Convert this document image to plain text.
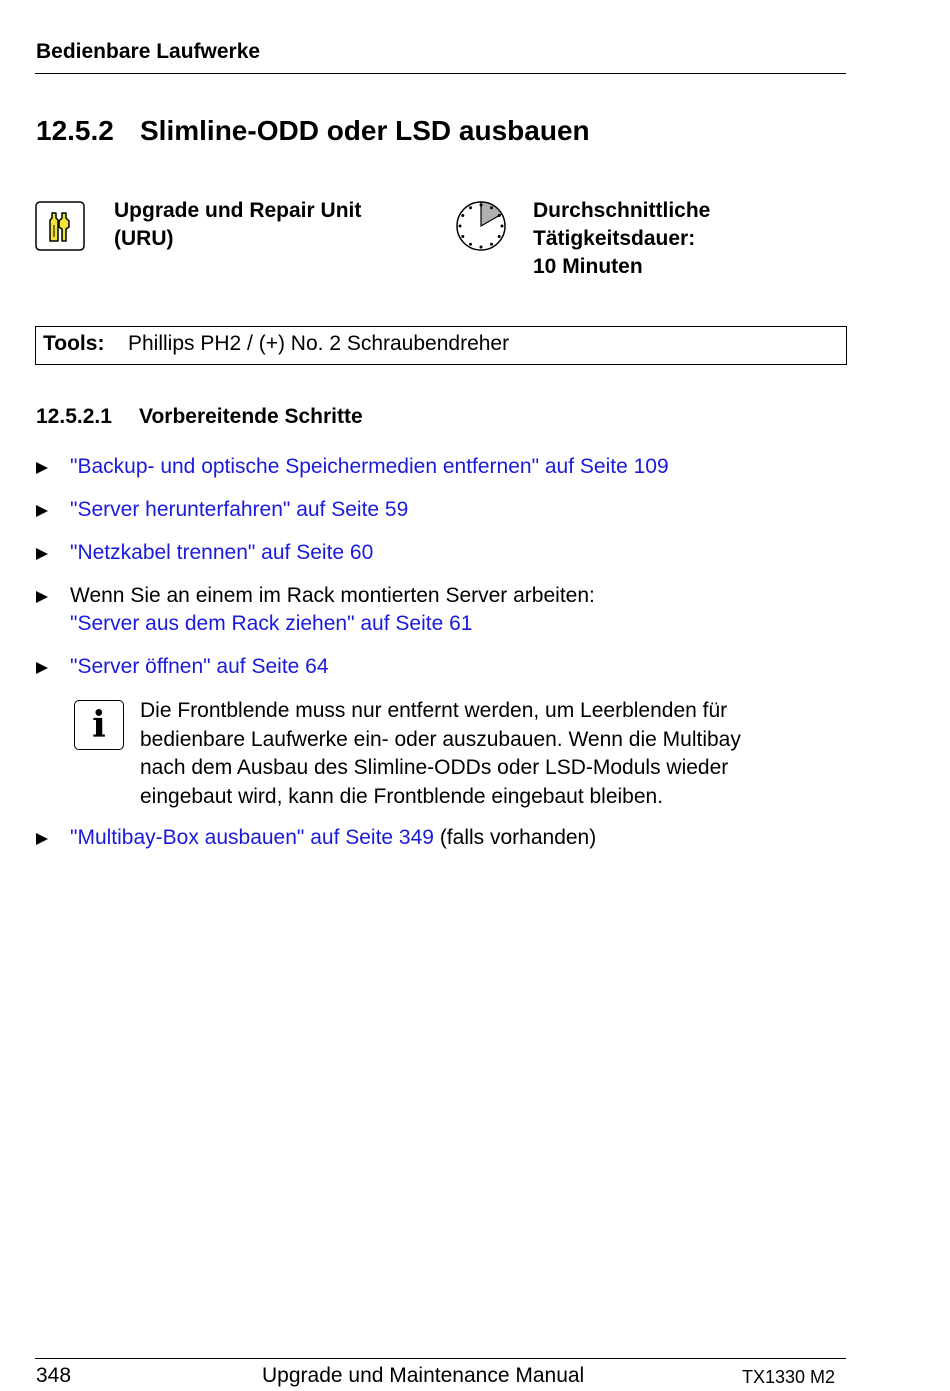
Bedienbare Laufwerke
12.5.2 Slimline-ODD oder LSD ausbauen
Upgrade und Repair Unit
(URU)
Durchschnittliche
Tätigkeitsdauer:
10 Minuten
Tools: Phillips PH2 / (+) No. 2 Schraubendreher
12.5.2.1 Vorbereitende Schritte
"Backup- und optische Speichermedien entfernen" auf Seite 109
"Server herunterfahren" auf Seite 59
"Netzkabel trennen" auf Seite 60
Wenn Sie an einem im Rack montierten Server arbeiten:
"Server aus dem Rack ziehen" auf Seite 61
"Server öffnen" auf Seite 64
i	Die Frontblende muss nur entfernt werden, um Leerblenden für
bedienbare Laufwerke ein- oder auszubauen. Wenn die Multibay
nach dem Ausbau des Slimline-ODDs oder LSD-Moduls wieder
eingebaut wird, kann die Frontblende eingebaut bleiben.
"Multibay-Box ausbauen" auf Seite 349 (falls vorhanden)
348	Upgrade und Maintenance Manual	TX1330 M2
